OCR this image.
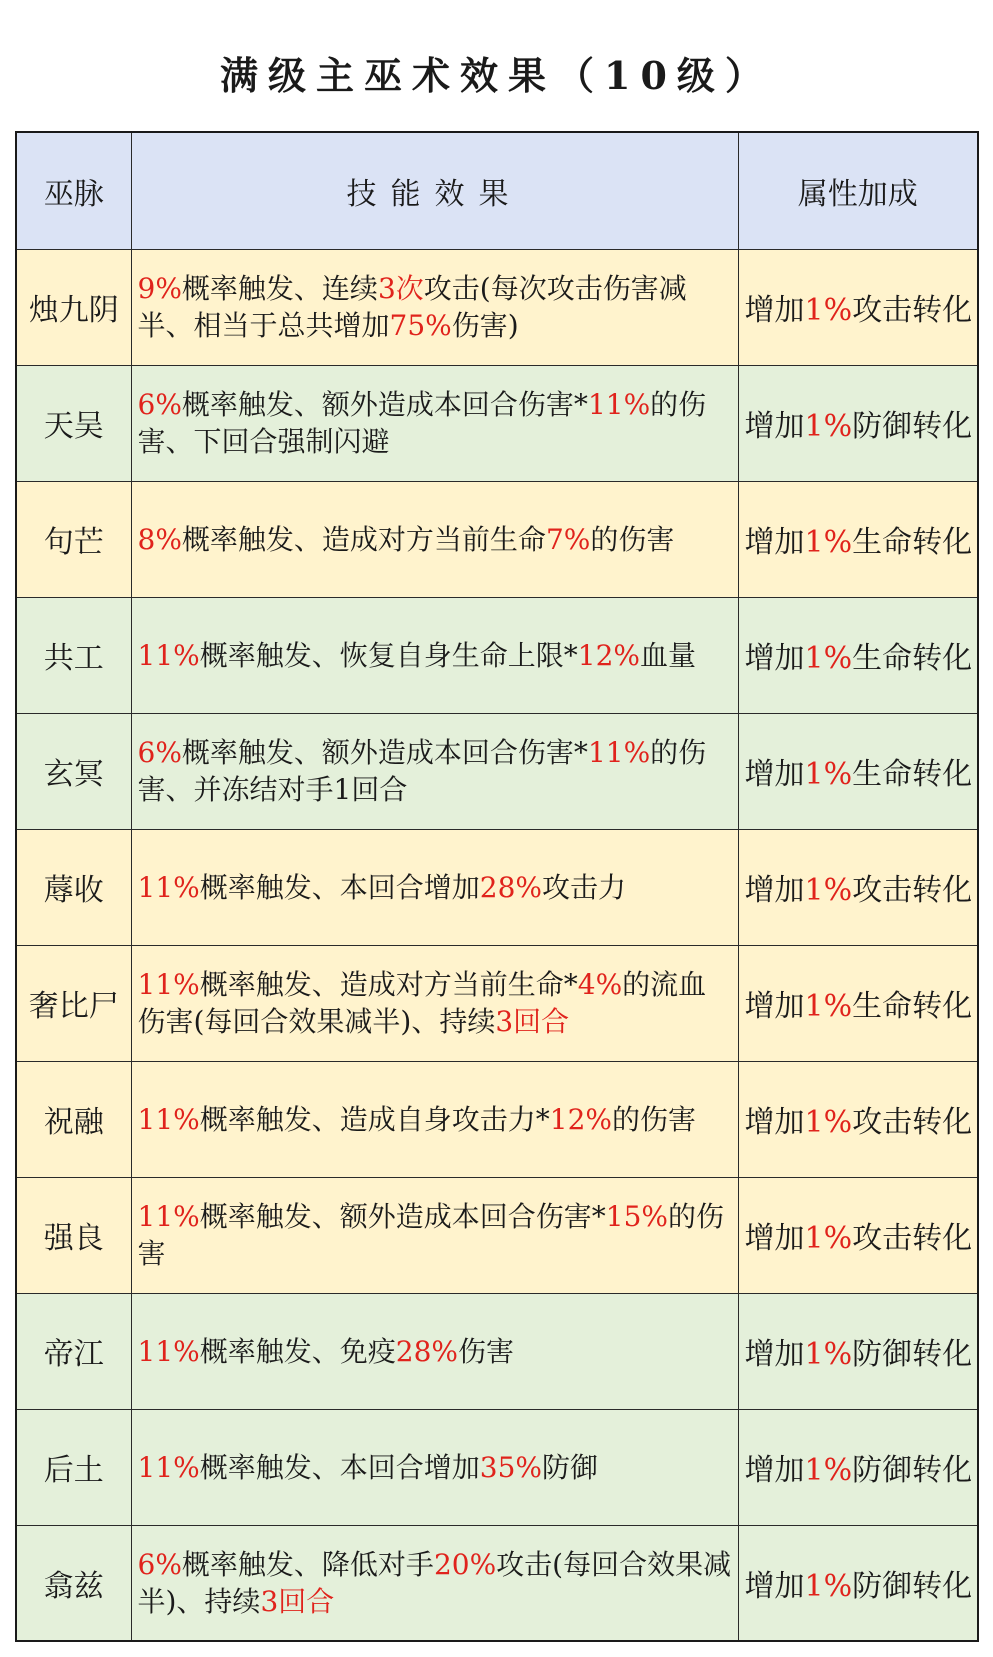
满级主巫术效果（10级）
巫脉	技能效果	属性加成
烛九阴	9%概率触发、连续3次攻击(每次攻击伤害减半、相当于总共增加75%伤害)	增加1%攻击转化
天吴	6%概率触发、额外造成本回合伤害*11%的伤害、下回合强制闪避	增加1%防御转化
句芒	8%概率触发、造成对方当前生命7%的伤害	增加1%生命转化
共工	11%概率触发、恢复自身生命上限*12%血量	增加1%生命转化
玄冥	6%概率触发、额外造成本回合伤害*11%的伤害、并冻结对手1回合	增加1%生命转化
蓐收	11%概率触发、本回合增加28%攻击力	增加1%攻击转化
奢比尸	11%概率触发、造成对方当前生命*4%的流血伤害(每回合效果减半)、持续3回合	增加1%生命转化
祝融	11%概率触发、造成自身攻击力*12%的伤害	增加1%攻击转化
强良	11%概率触发、额外造成本回合伤害*15%的伤害	增加1%攻击转化
帝江	11%概率触发、免疫28%伤害	增加1%防御转化
后土	11%概率触发、本回合增加35%防御	增加1%防御转化
翕兹	6%概率触发、降低对手20%攻击(每回合效果减半)、持续3回合	增加1%防御转化
